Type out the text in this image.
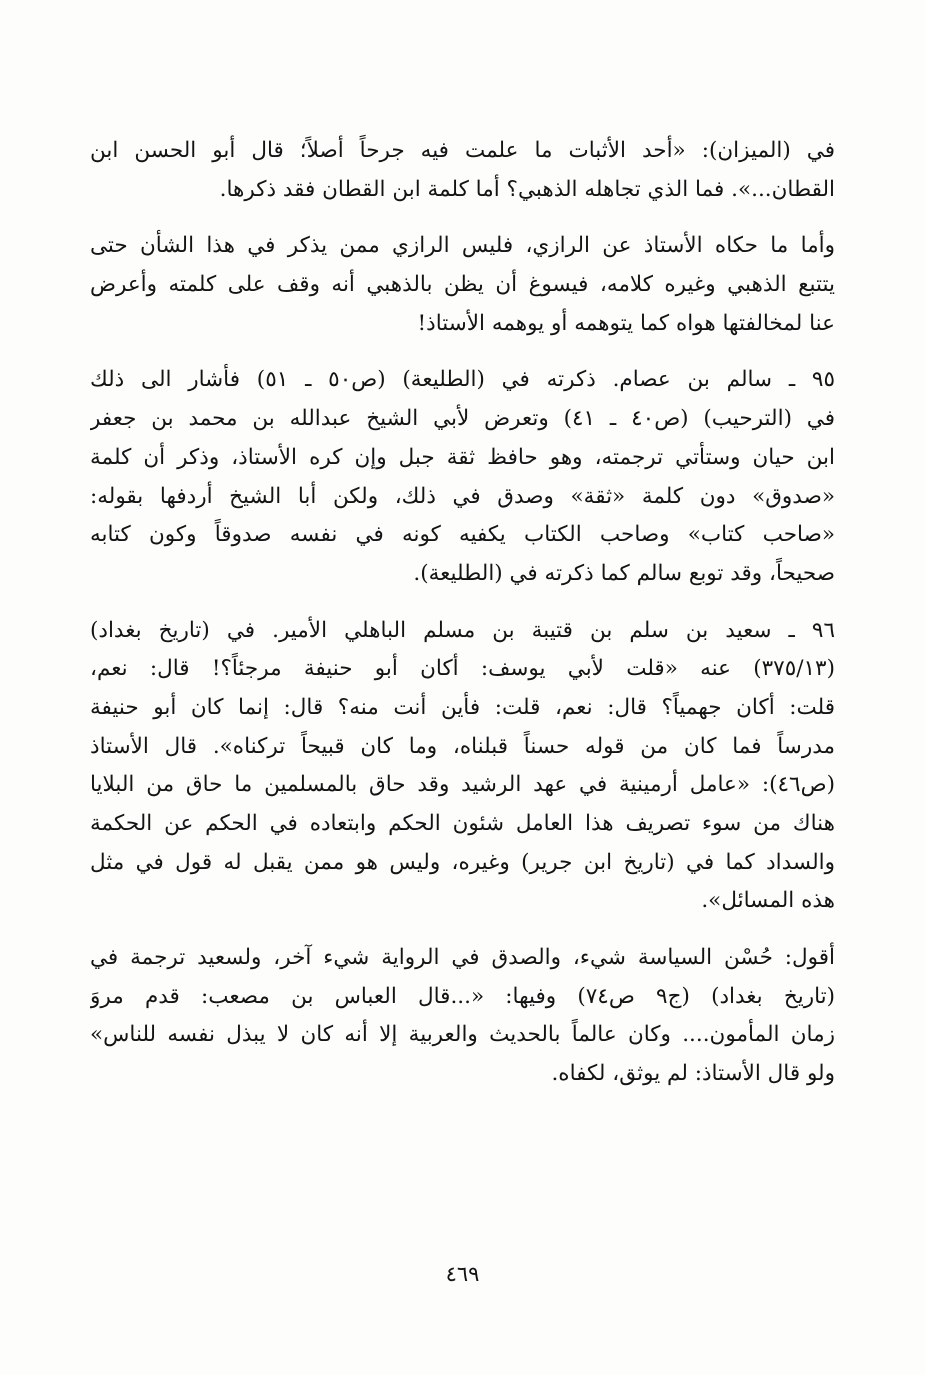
في (الميزان): «أحد الأثبات ما علمت فيه جرحاً أصلاً؛ قال أبو الحسن ابن
القطان...». فما الذي تجاهله الذهبي؟ أما كلمة ابن القطان فقد ذكرها.
وأما ما حكاه الأستاذ عن الرازي، فليس الرازي ممن يذكر في هذا الشأن حتى
يتتبع الذهبي وغيره كلامه، فيسوغ أن يظن بالذهبي أنه وقف على كلمته وأعرض
عنا لمخالفتها هواه كما يتوهمه أو يوهمه الأستاذ!
٩٥ ـ سالم بن عصام. ذكرته في (الطليعة) (ص٥٠ ـ ٥١) فأشار الى ذلك
في (الترحيب) (ص٤٠ ـ ٤١) وتعرض لأبي الشيخ عبدالله بن محمد بن جعفر
ابن حيان وستأتي ترجمته، وهو حافظ ثقة جبل وإن كره الأستاذ، وذكر أن كلمة
«صدوق» دون كلمة «ثقة» وصدق في ذلك، ولكن أبا الشيخ أردفها بقوله:
«صاحب كتاب» وصاحب الكتاب يكفيه كونه في نفسه صدوقاً وكون كتابه
صحيحاً، وقد توبع سالم كما ذكرته في (الطليعة).
٩٦ ـ سعيد بن سلم بن قتيبة بن مسلم الباهلي الأمير. في (تاريخ بغداد)
(٣٧٥/١٣) عنه «قلت لأبي يوسف: أكان أبو حنيفة مرجئاً؟! قال: نعم،
قلت: أكان جهمياً؟ قال: نعم، قلت: فأين أنت منه؟ قال: إنما كان أبو حنيفة
مدرساً فما كان من قوله حسناً قبلناه، وما كان قبيحاً تركناه». قال الأستاذ
(ص٤٦): «عامل أرمينية في عهد الرشيد وقد حاق بالمسلمين ما حاق من البلايا
هناك من سوء تصريف هذا العامل شئون الحكم وابتعاده في الحكم عن الحكمة
والسداد كما في (تاريخ ابن جرير) وغيره، وليس هو ممن يقبل له قول في مثل
هذه المسائل».
أقول: حُسْن السياسة شيء، والصدق في الرواية شيء آخر، ولسعيد ترجمة في
(تاريخ بغداد) (ج٩ ص٧٤) وفيها: «...قال العباس بن مصعب: قدم مروَ
زمان المأمون.... وكان عالماً بالحديث والعربية إلا أنه كان لا يبذل نفسه للناس»
ولو قال الأستاذ: لم يوثق، لكفاه.
٤٦٩
